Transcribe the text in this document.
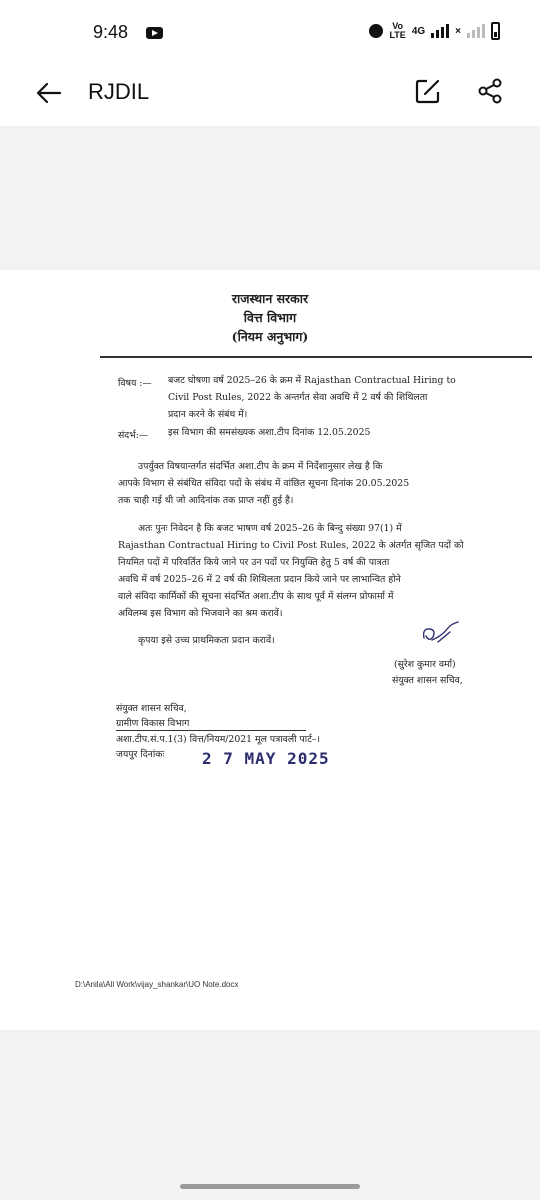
9:48	Vo
LTE 4G	×
RJDIL
राजस्थान सरकार
वित्त विभाग
(नियम अनुभाग)
विषय :— बजट घोषणा वर्ष 2025–26 के क्रम में Rajasthan Contractual Hiring to
Civil Post Rules, 2022 के अन्तर्गत सेवा अवधि में 2 वर्ष की शिथिलता
प्रदान करने के संबंध में।
संदर्भ:— इस विभाग की समसंख्यक अशा.टीप दिनांक 12.05.2025
उपर्युक्त विषयान्तर्गत संदर्भित अशा.टीप के क्रम में निर्देशानुसार लेख है कि
आपके विभाग से संबंधित संविदा पदों के संबंध में वांछित सूचना दिनांक 20.05.2025
तक चाही गई थी जो आदिनांक तक प्राप्त नहीं हुई है।
अतः पुनः निवेदन है कि बजट भाषण वर्ष 2025–26 के बिन्दु संख्या 97(1) में
Rajasthan Contractual Hiring to Civil Post Rules, 2022 के अंतर्गत सृजित पदों को
नियमित पदों में परिवर्तित किये जाने पर उन पदों पर नियुक्ति हेतु 5 वर्ष की पात्रता
अवधि में वर्ष 2025–26 में 2 वर्ष की शिथिलता प्रदान किये जाने पर लाभान्वित होने
वाले संविदा कार्मिकों की सूचना संदर्भित अशा.टीप के साथ पूर्व में संलग्न प्रोफार्मा में
अविलम्ब इस विभाग को भिजवाने का श्रम करावें।
कृपया इसे उच्च प्राथमिकता प्रदान करावें।
(सुरेश कुमार वर्मा)
संयुक्त शासन सचिव,
संयुक्त शासन सचिव,
ग्रामीण विकास विभाग
अशा.टीप.सं.प.1(3) वित्त/नियम/2021 मूल पत्रावली पार्ट–।
जयपुर दिनांकः 2 7 MAY 2025
D:\Anila\All Work\vijay_shankar\UO Note.docx
